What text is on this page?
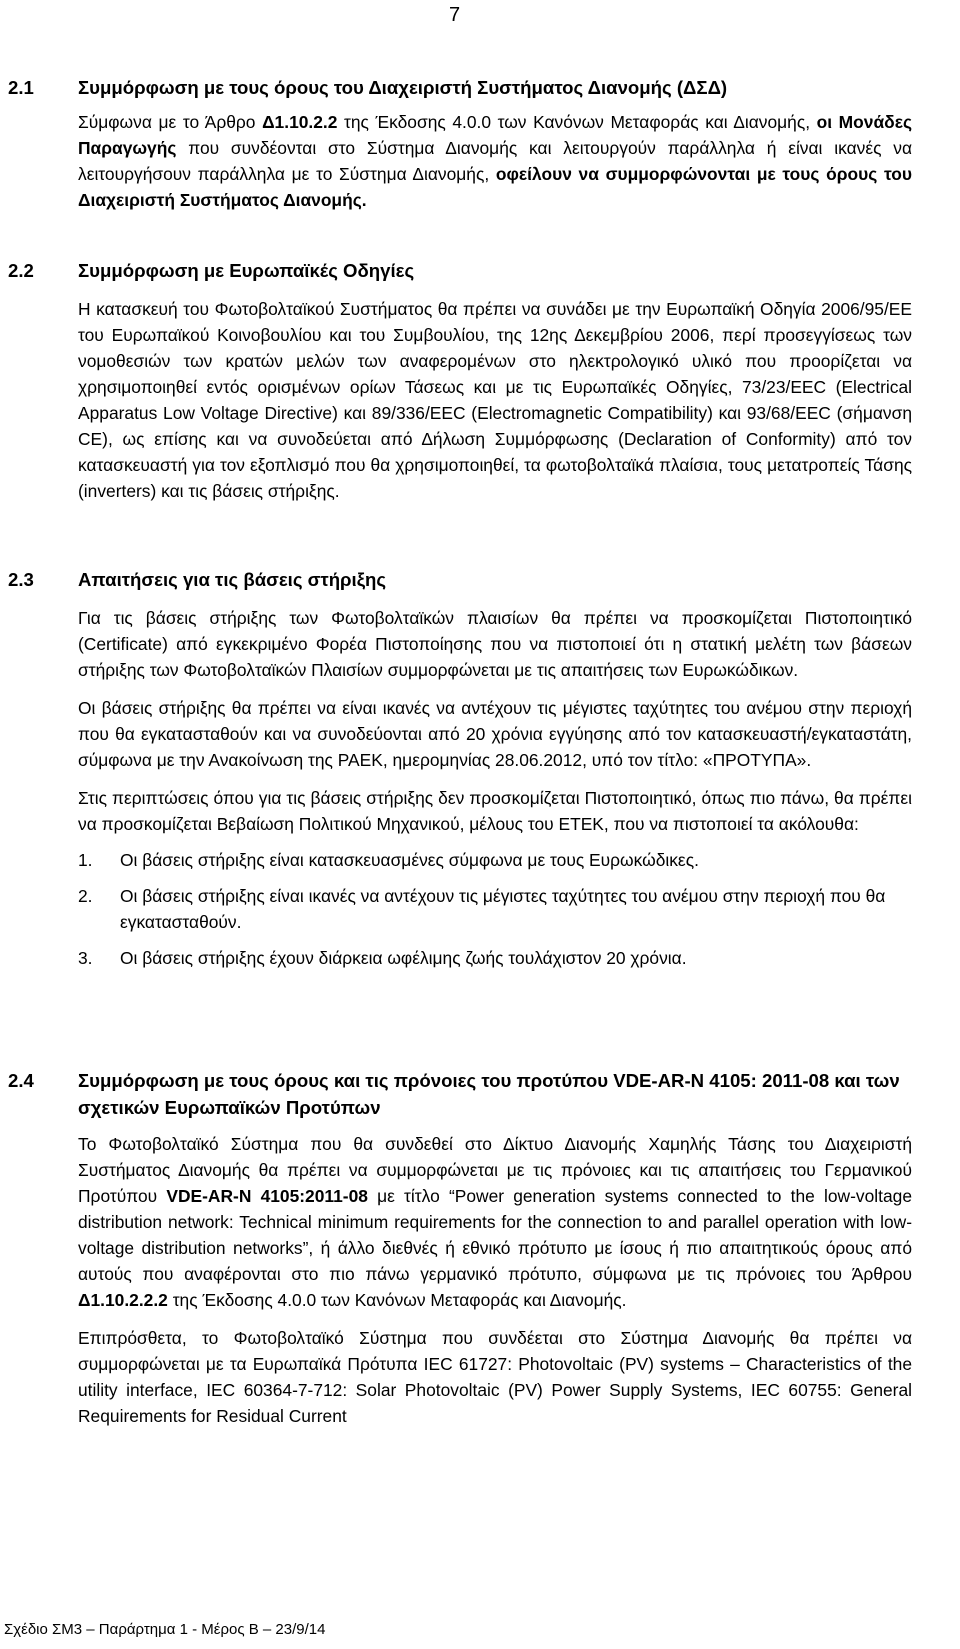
7
2.1	Συμμόρφωση με τους όρους του Διαχειριστή Συστήματος Διανομής (ΔΣΔ)

Σύμφωνα με το Άρθρο Δ1.10.2.2 της Έκδοσης 4.0.0 των Κανόνων Μεταφοράς και Διανομής, οι Μονάδες Παραγωγής που συνδέονται στο Σύστημα Διανομής και λειτουργούν παράλληλα ή είναι ικανές να λειτουργήσουν παράλληλα με το Σύστημα Διανομής, οφείλουν να συμμορφώνονται με τους όρους του Διαχειριστή Συστήματος Διανομής.

2.2	Συμμόρφωση με Ευρωπαϊκές Οδηγίες

Η κατασκευή του Φωτοβολταϊκού Συστήματος θα πρέπει να συνάδει με την Ευρωπαϊκή Οδηγία 2006/95/ΕΕ του Ευρωπαϊκού Κοινοβουλίου και του Συμβουλίου, της 12ης Δεκεμβρίου 2006, περί προσεγγίσεως των νομοθεσιών των κρατών μελών των αναφερομένων στο ηλεκτρολογικό υλικό που προορίζεται να χρησιμοποιηθεί εντός ορισμένων ορίων Τάσεως και με τις Ευρωπαϊκές Οδηγίες, 73/23/EEC (Electrical Apparatus Low Voltage Directive) και 89/336/EEC (Electromagnetic Compatibility) και 93/68/EEC (σήμανση CE), ως επίσης και να συνοδεύεται από Δήλωση Συμμόρφωσης (Declaration of Conformity) από τον κατασκευαστή για τον εξοπλισμό που θα χρησιμοποιηθεί, τα φωτοβολταϊκά πλαίσια, τους μετατροπείς Τάσης (inverters) και τις βάσεις στήριξης.

2.3	Απαιτήσεις για τις βάσεις στήριξης

Για τις βάσεις στήριξης των Φωτοβολταϊκών πλαισίων θα πρέπει να προσκομίζεται Πιστοποιητικό (Certificate) από εγκεκριμένο Φορέα Πιστοποίησης που να πιστοποιεί ότι η στατική μελέτη των βάσεων στήριξης των Φωτοβολταϊκών Πλαισίων συμμορφώνεται με τις απαιτήσεις των Ευρωκώδικων.

Οι βάσεις στήριξης θα πρέπει να είναι ικανές να αντέχουν τις μέγιστες ταχύτητες του ανέμου στην περιοχή που θα εγκατασταθούν και να συνοδεύονται από 20 χρόνια εγγύησης από τον κατασκευαστή/εγκαταστάτη, σύμφωνα με την Ανακοίνωση της ΡΑΕΚ, ημερομηνίας 28.06.2012, υπό τον τίτλο: «ΠΡΟΤΥΠΑ».

Στις περιπτώσεις όπου για τις βάσεις στήριξης δεν προσκομίζεται Πιστοποιητικό, όπως πιο πάνω, θα πρέπει να προσκομίζεται Βεβαίωση Πολιτικού Μηχανικού, μέλους του ΕΤΕΚ, που να πιστοποιεί τα ακόλουθα:

1.	Οι βάσεις στήριξης είναι κατασκευασμένες σύμφωνα με τους Ευρωκώδικες.
2.	Οι βάσεις στήριξης είναι ικανές να αντέχουν τις μέγιστες ταχύτητες του ανέμου στην περιοχή που θα εγκατασταθούν.
3.	Οι βάσεις στήριξης έχουν διάρκεια ωφέλιμης ζωής τουλάχιστον 20 χρόνια.
2.4	Συμμόρφωση με τους όρους και τις πρόνοιες του προτύπου VDE-AR-N 4105: 2011-08 και των σχετικών Ευρωπαϊκών Προτύπων

Το Φωτοβολταϊκό Σύστημα που θα συνδεθεί στο Δίκτυο Διανομής Χαμηλής Τάσης του Διαχειριστή Συστήματος Διανομής θα πρέπει να συμμορφώνεται με τις πρόνοιες και τις απαιτήσεις του Γερμανικού Προτύπου VDE-AR-N 4105:2011-08 με τίτλο “Power generation systems connected to the low-voltage distribution network: Technical minimum requirements for the connection to and parallel operation with low-voltage distribution networks”, ή άλλο διεθνές ή εθνικό πρότυπο με ίσους ή πιο απαιτητικούς όρους από αυτούς που αναφέρονται στο πιο πάνω γερμανικό πρότυπο, σύμφωνα με τις πρόνοιες του Άρθρου Δ1.10.2.2.2 της Έκδοσης 4.0.0 των Κανόνων Μεταφοράς και Διανομής.

Επιπρόσθετα, το Φωτοβολταϊκό Σύστημα που συνδέεται στο Σύστημα Διανομής θα πρέπει να συμμορφώνεται με τα Ευρωπαϊκά Πρότυπα IEC 61727: Photovoltaic (PV) systems – Characteristics of the utility interface, IEC 60364-7-712: Solar Photovoltaic (PV) Power Supply Systems, IEC 60755: General Requirements for Residual Current

Σχέδιο ΣΜ3 – Παράρτημα 1 - Μέρος Β – 23/9/14
